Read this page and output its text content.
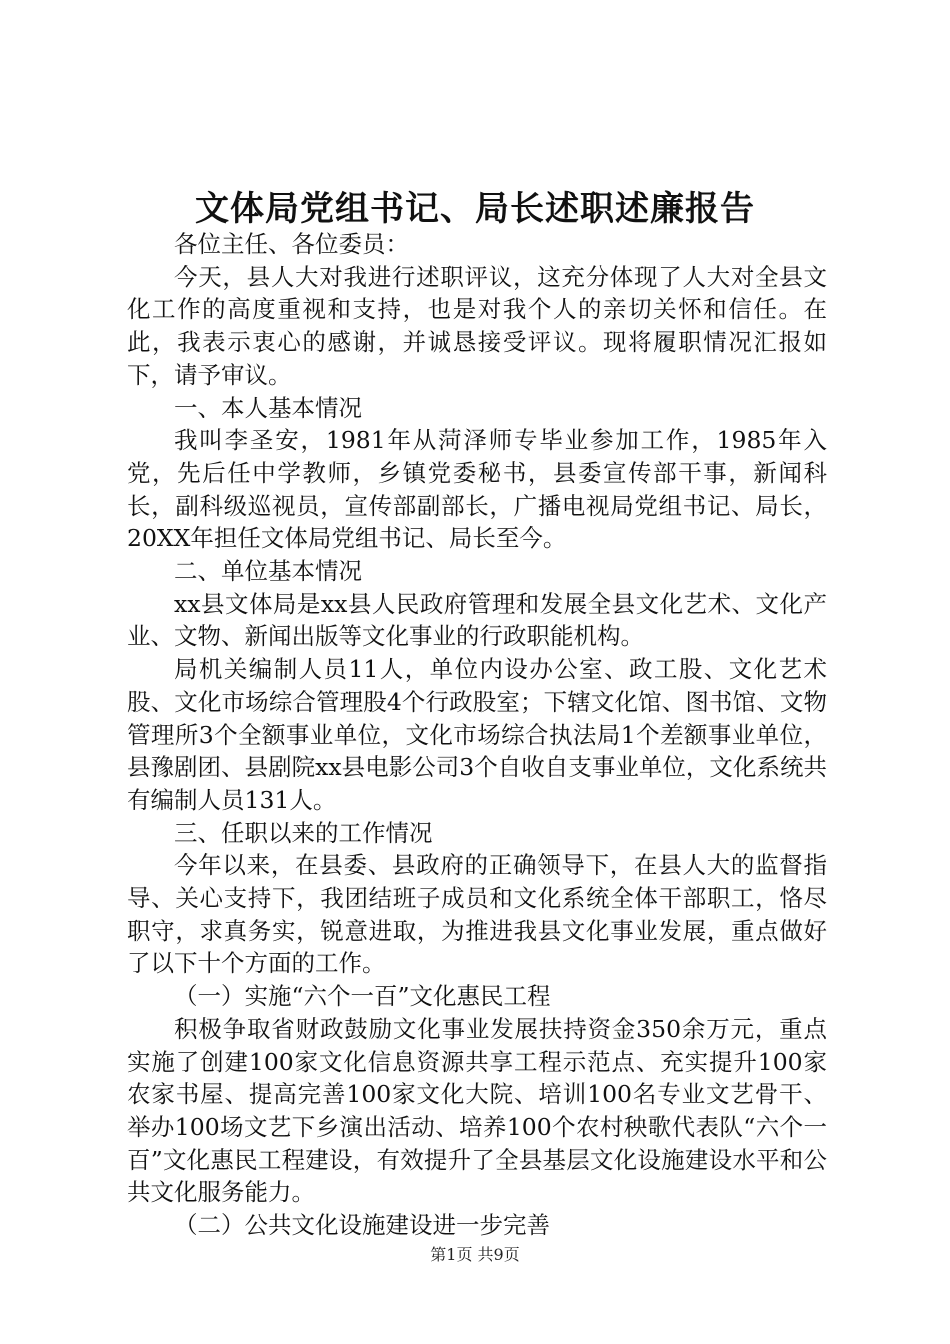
文体局党组书记、局长述职述廉报告

各位主任、各位委员：

今天，县人大对我进行述职评议，这充分体现了人大对全县文化工作的高度重视和支持，也是对我个人的亲切关怀和信任。在此，我表示衷心的感谢，并诚恳接受评议。现将履职情况汇报如下，请予审议。

一、本人基本情况

我叫李圣安，1981年从菏泽师专毕业参加工作，1985年入党，先后任中学教师，乡镇党委秘书，县委宣传部干事，新闻科长，副科级巡视员，宣传部副部长，广播电视局党组书记、局长，20XX年担任文体局党组书记、局长至今。

二、单位基本情况

xx县文体局是xx县人民政府管理和发展全县文化艺术、文化产业、文物、新闻出版等文化事业的行政职能机构。

局机关编制人员11人，单位内设办公室、政工股、文化艺术股、文化市场综合管理股4个行政股室；下辖文化馆、图书馆、文物管理所3个全额事业单位，文化市场综合执法局1个差额事业单位，县豫剧团、县剧院xx县电影公司3个自收自支事业单位，文化系统共有编制人员131人。

三、任职以来的工作情况

今年以来，在县委、县政府的正确领导下，在县人大的监督指导、关心支持下，我团结班子成员和文化系统全体干部职工，恪尽职守，求真务实，锐意进取，为推进我县文化事业发展，重点做好了以下十个方面的工作。

（一）实施“六个一百”文化惠民工程

积极争取省财政鼓励文化事业发展扶持资金350余万元，重点实施了创建100家文化信息资源共享工程示范点、充实提升100家农家书屋、提高完善100家文化大院、培训100名专业文艺骨干、举办100场文艺下乡演出活动、培养100个农村秧歌代表队“六个一百”文化惠民工程建设，有效提升了全县基层文化设施建设水平和公共文化服务能力。

（二）公共文化设施建设进一步完善

第1页 共9页
